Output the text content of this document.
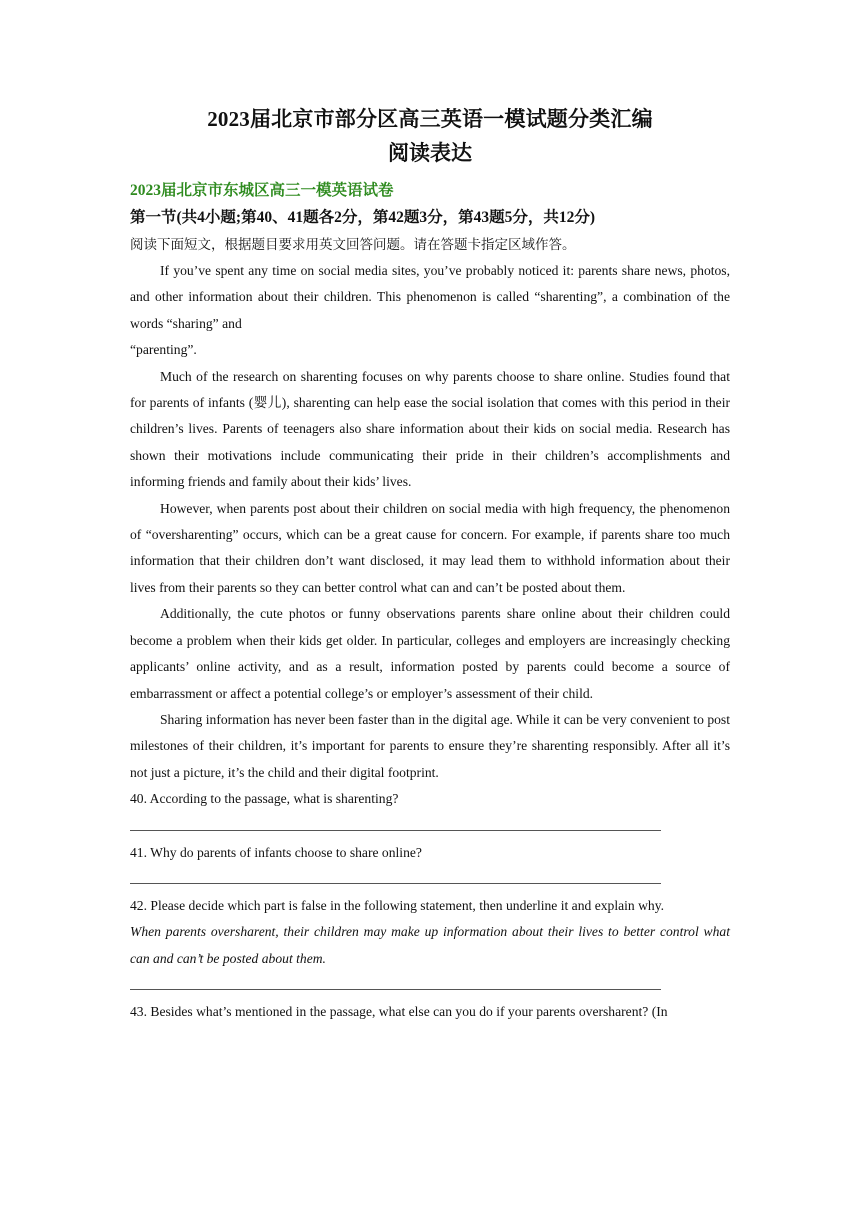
2023届北京市部分区高三英语一模试题分类汇编
阅读表达

2023届北京市东城区高三一模英语试卷

第一节(共4小题;第40、41题各2分，第42题3分，第43题5分，共12分)

阅读下面短文，根据题目要求用英文回答问题。请在答题卡指定区域作答。

If you’ve spent any time on social media sites, you’ve probably noticed it: parents share news, photos, and other information about their children. This phenomenon is called “sharenting”, a combination of the words “sharing” and

“parenting”.

Much of the research on sharenting focuses on why parents choose to share online. Studies found that for parents of infants (婴儿), sharenting can help ease the social isolation that comes with this period in their children’s lives. Parents of teenagers also share information about their kids on social media. Research has shown their motivations include communicating their pride in their children’s accomplishments and informing friends and family about their kids’ lives.

However, when parents post about their children on social media with high frequency, the phenomenon of “oversharenting” occurs, which can be a great cause for concern. For example, if parents share too much information that their children don’t want disclosed, it may lead them to withhold information about their lives from their parents so they can better control what can and can’t be posted about them.

Additionally, the cute photos or funny observations parents share online about their children could become a problem when their kids get older. In particular, colleges and employers are increasingly checking applicants’ online activity, and as a result, information posted by parents could become a source of embarrassment or affect a potential college’s or employer’s assessment of their child.

Sharing information has never been faster than in the digital age. While it can be very convenient to post milestones of their children, it’s important for parents to ensure they’re sharenting responsibly. After all it’s not just a picture, it’s the child and their digital footprint.

40. According to the passage, what is sharenting?

41. Why do parents of infants choose to share online?

42. Please decide which part is false in the following statement, then underline it and explain why.

When parents oversharent, their children may make up information about their lives to better control what can and can’t be posted about them.

43. Besides what’s mentioned in the passage, what else can you do if your parents oversharent? (In
